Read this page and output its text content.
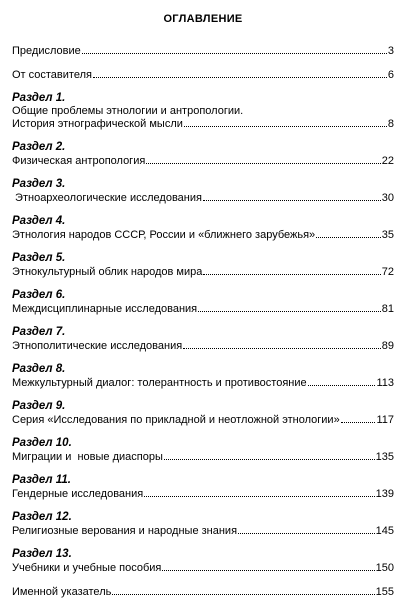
ОГЛАВЛЕНИЕ
Предисловие	3
От составителя	6
Раздел 1.
Общие проблемы этнологии и антропологии.
История этнографической мысли	8
Раздел 2.
Физическая антропология	22
Раздел 3.
Этноархеологические исследования	30
Раздел 4.
Этнология народов СССР, России и «ближнего зарубежья»	35
Раздел 5.
Этнокультурный облик народов мира	72
Раздел 6.
Междисциплинарные исследования	81
Раздел 7.
Этнополитические исследования	89
Раздел 8.
Межкультурный диалог: толерантность и противостояние	113
Раздел 9.
Серия «Исследования по прикладной и неотложной этнологии»	117
Раздел 10.
Миграции и  новые диаспоры	135
Раздел 11.
Гендерные исследования	139
Раздел 12.
Религиозные верования и народные знания	145
Раздел 13.
Учебники и учебные пособия	150
Именной указатель	155
